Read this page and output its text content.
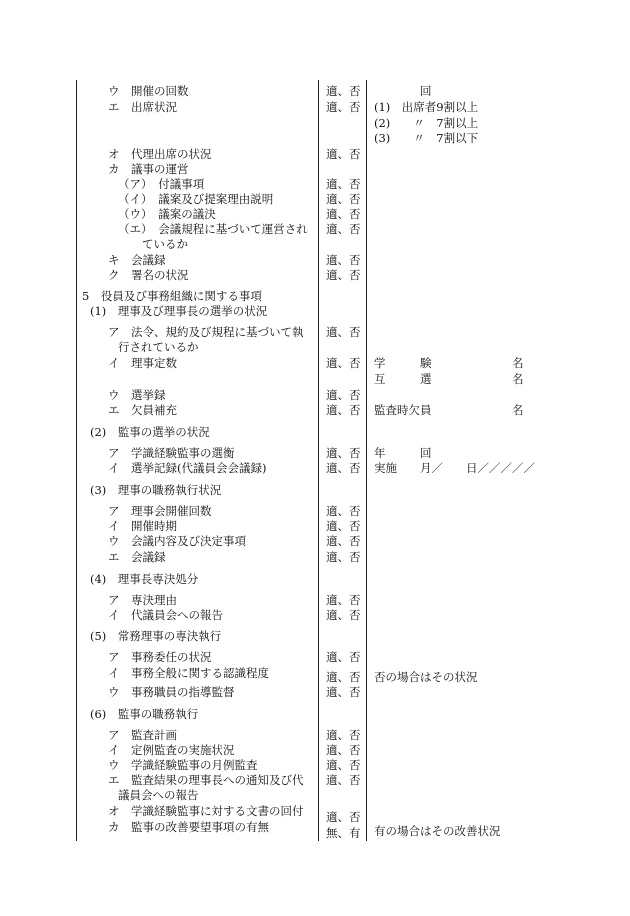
ウ　開催の回数	適、否	回
エ　出席状況	適、否 (1)　出席者9割以上
(2)　　〃　7割以上
(3)　　〃　7割以下
オ　代理出席の状況	適、否
カ　議事の運営
（ア）　付議事項	適、否
（イ）　議案及び提案理由説明	適、否
（ウ）　議案の議決	適、否
（エ）　会議規程に基づいて運営され 適、否
ているか
キ　会議録	適、否
ク　署名の状況	適、否
5　役員及び事務組織に関する事項
(1)　理事及び理事長の選挙の状況
ア　法令、規約及び規程に基づいて執 適、否
行されているか
イ　理事定数	適、否 学　　　験　　　　　　　名
互　　　選　　　　　　　名
ウ　選挙録	適、否
エ　欠員補充	適、否 監査時欠員　　　　　　　名
(2)　監事の選挙の状況
ア　学識経験監事の選衡	適、否 年　　　回
イ　選挙記録(代議員会会議録)	適、否 実施　　月／　　日／／／／／
(3)　理事の職務執行状況
ア　理事会開催回数	適、否
イ　開催時期	適、否
ウ　会議内容及び決定事項	適、否
エ　会議録	適、否
(4)　理事長専決処分
ア　専決理由	適、否
イ　代議員会への報告	適、否
(5)　常務理事の専決執行
ア　事務委任の状況	適、否
イ　事務全般に関する認識程度	適、否 否の場合はその状況
ウ　事務職員の指導監督	適、否
(6)　監事の職務執行
ア　監査計画	適、否
イ　定例監査の実施状況	適、否
ウ　学識経験監事の月例監査	適、否
エ　監査結果の理事長への通知及び代 適、否
議員会への報告
オ　学識経験監事に対する文書の回付 適、否
カ　監事の改善要望事項の有無	無、有 有の場合はその改善状況
